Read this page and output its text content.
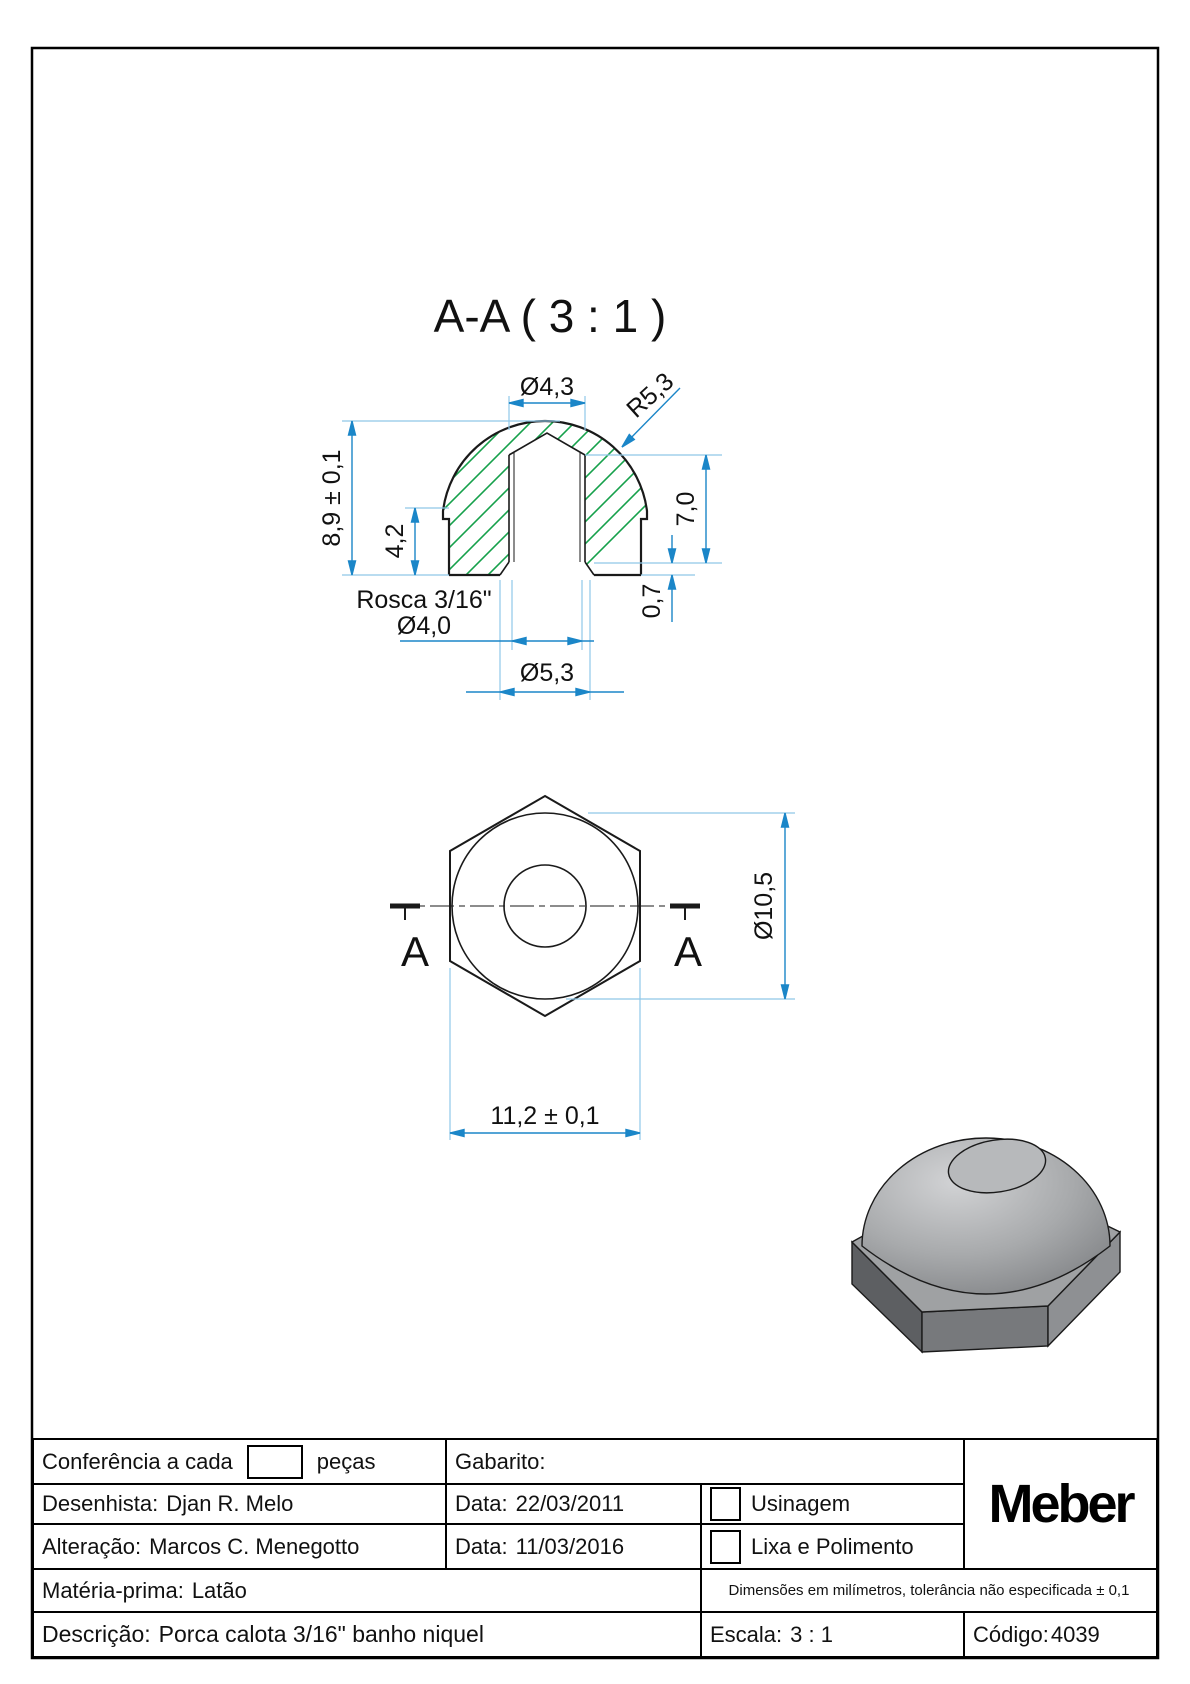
A-A ( 3 : 1 )
Ø4,3 R5,3
8,9 ± 0,1 4,2
7,0
0,7
Rosca 3/16"
Ø4,0
Ø5,3
A	A
Ø10,5
11,2 ± 0,1
Conferência a cada	peças	Gabarito:
Meber
Desenhista: Djan R. Melo	Data: 22/03/2011	Usinagem
Alteração: Marcos C. Menegotto	Data: 11/03/2016	Lixa e Polimento
Matéria-prima: Latão	Dimensões em milímetros, tolerância não especificada ± 0,1
Descrição: Porca calota 3/16" banho niquel	Escala: 3 : 1	Código: 4039
